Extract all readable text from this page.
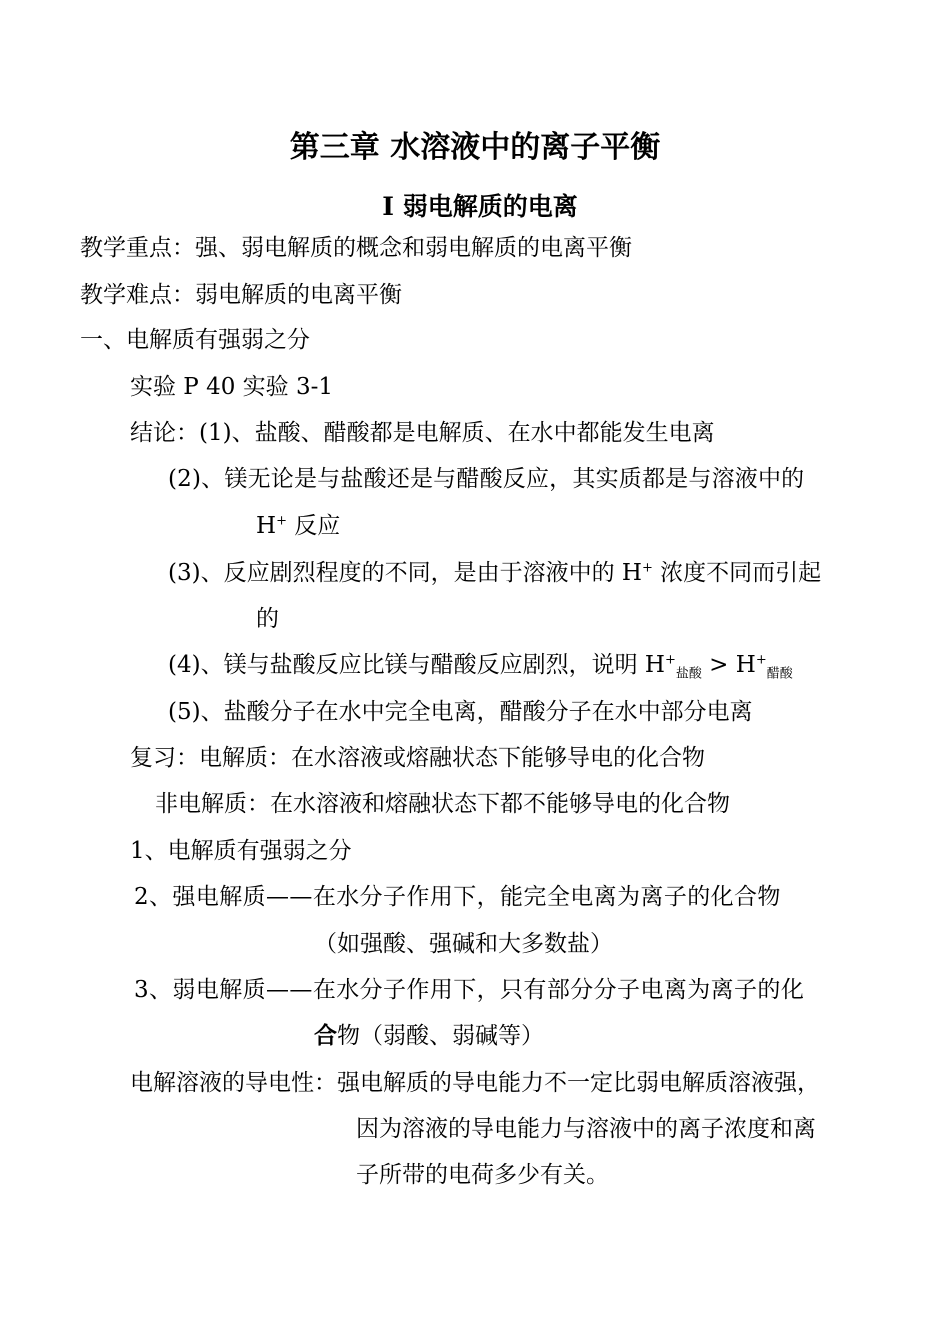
第三章 水溶液中的离子平衡
Ⅰ 弱电解质的电离
教学重点：强、弱电解质的概念和弱电解质的电离平衡
教学难点：弱电解质的电离平衡
一、电解质有强弱之分
实验 P 40 实验 3-1
结论：(1)、盐酸、醋酸都是电解质、在水中都能发生电离
(2)、镁无论是与盐酸还是与醋酸反应，其实质都是与溶液中的
H+ 反应
(3)、反应剧烈程度的不同，是由于溶液中的 H+ 浓度不同而引起
的
(4)、镁与盐酸反应比镁与醋酸反应剧烈，说明 $H^+_{盐酸} > H^+_{醋酸}$
(5)、盐酸分子在水中完全电离，醋酸分子在水中部分电离
复习：电解质：在水溶液或熔融状态下能够导电的化合物
非电解质：在水溶液和熔融状态下都不能够导电的化合物
1、电解质有强弱之分
2、强电解质——在水分子作用下，能完全电离为离子的化合物
（如强酸、强碱和大多数盐）
3、弱电解质——在水分子作用下，只有部分分子电离为离子的化
合物（弱酸、弱碱等）
电解溶液的导电性：强电解质的导电能力不一定比弱电解质溶液强，
因为溶液的导电能力与溶液中的离子浓度和离
子所带的电荷多少有关。
